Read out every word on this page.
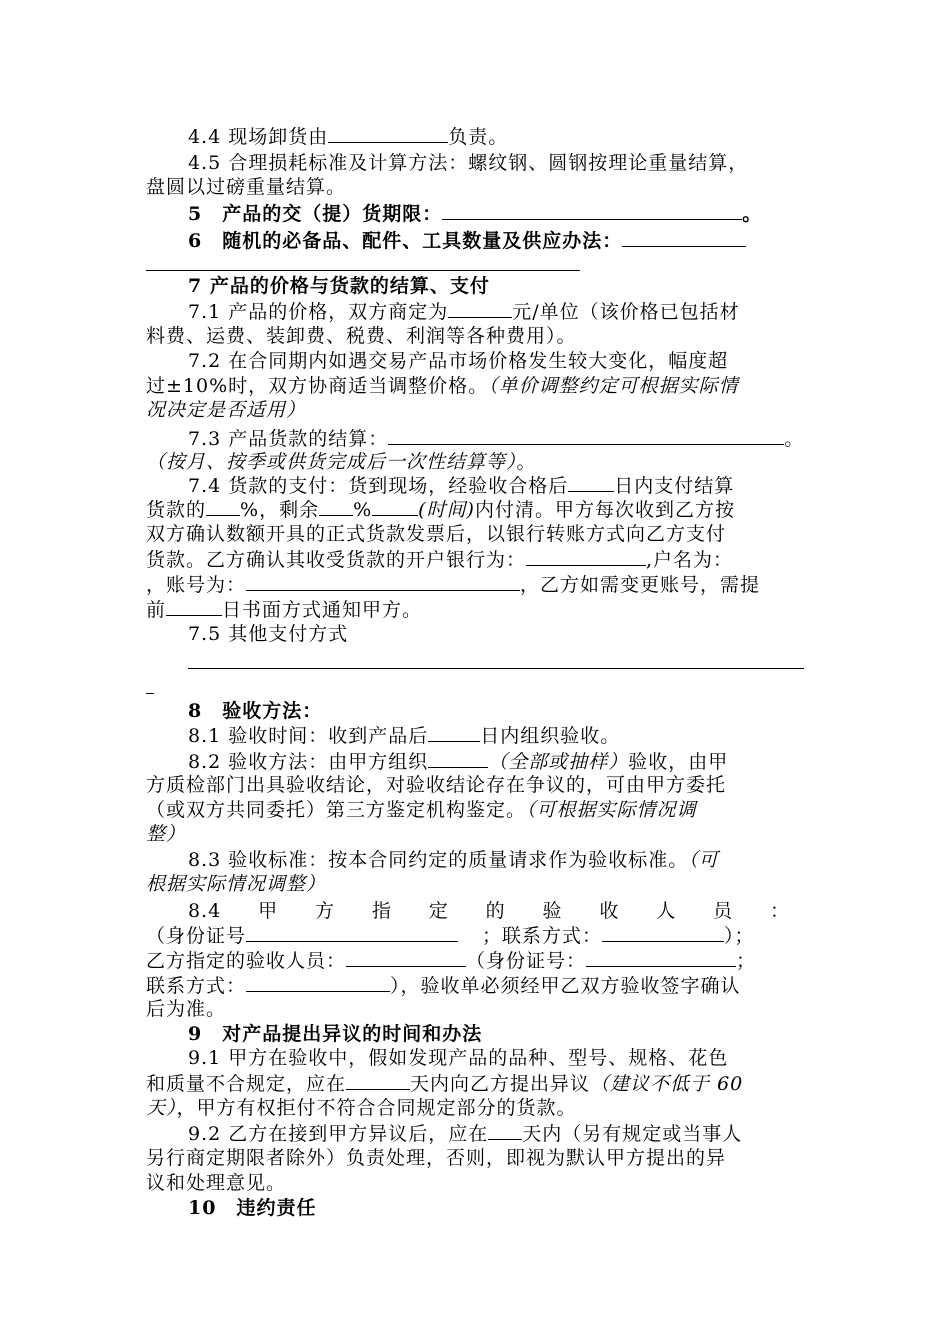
4.4 现场卸货由	负责。
4.5 合理损耗标准及计算方法：螺纹钢、圆钢按理论重量结算，
盘圆以过磅重量结算。
5　产品的交（提）货期限：	。
6　随机的必备品、配件、工具数量及供应办法：
7 产品的价格与货款的结算、支付
7.1 产品的价格，双方商定为	元/单位（该价格已包括材
料费、运费、装卸费、税费、利润等各种费用）。
7.2 在合同期内如遇交易产品市场价格发生较大变化，幅度超
过±10%时，双方协商适当调整价格。（单价调整约定可根据实际情
况决定是否适用）
7.3 产品货款的结算：	。
（按月、按季或供货完成后一次性结算等）。
7.4 货款的支付：货到现场，经验收合格后 日内支付结算
货款的 %，剩余 % (时间)内付清。甲方每次收到乙方按
双方确认数额开具的正式货款发票后，以银行转账方式向乙方支付
货款。乙方确认其收受货款的开户银行为：	,户名为：
，账号为：	，乙方如需变更账号，需提
前	日书面方式通知甲方。
7.5 其他支付方式
8　验收方法：
8.1 验收时间：收到产品后	日内组织验收。
8.2 验收方法：由甲方组织	（全部或抽样）验收，由甲
方质检部门出具验收结论，对验收结论存在争议的，可由甲方委托
（或双方共同委托）第三方鉴定机构鉴定。（可根据实际情况调
整）
8.3 验收标准：按本合同约定的质量请求作为验收标准。（可
根据实际情况调整）
8.4 甲 方 指 定 的 验 收 人 员 ：
（身份证号	；联系方式：	）；
乙方指定的验收人员：	（身份证号：	；
联系方式：	），验收单必须经甲乙双方验收签字确认
后为准。
9　对产品提出异议的时间和办法
9.1 甲方在验收中，假如发现产品的品种、型号、规格、花色
和质量不合规定，应在	天内向乙方提出异议（建议不低于 60
天），甲方有权拒付不符合合同规定部分的货款。
9.2 乙方在接到甲方异议后，应在 天内（另有规定或当事人
另行商定期限者除外）负责处理，否则，即视为默认甲方提出的异
议和处理意见。
10　违约责任
